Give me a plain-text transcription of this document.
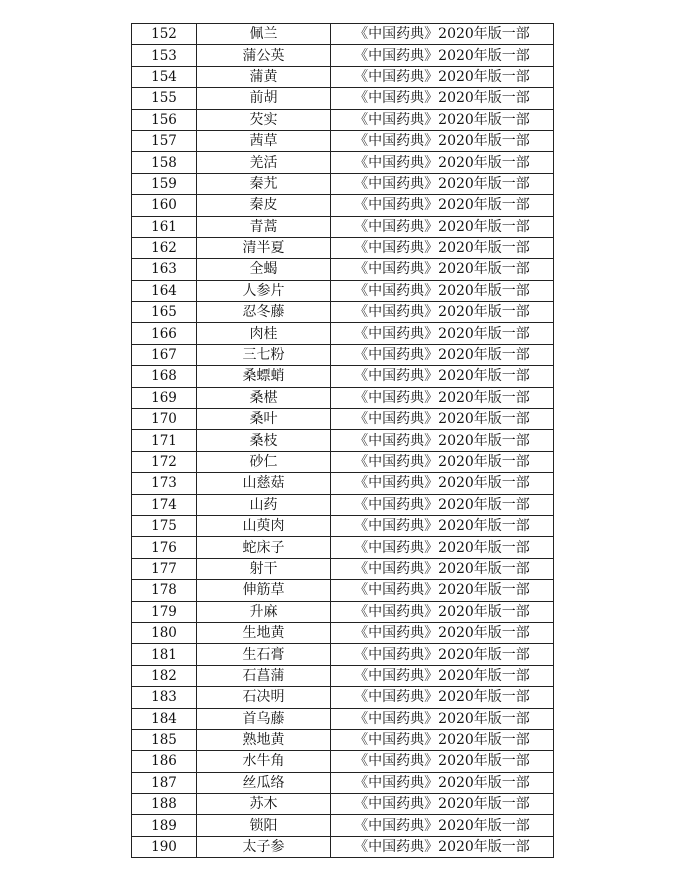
152	佩兰	《中国药典》2020年版一部
153	蒲公英	《中国药典》2020年版一部
154	蒲黄	《中国药典》2020年版一部
155	前胡	《中国药典》2020年版一部
156	芡实	《中国药典》2020年版一部
157	茜草	《中国药典》2020年版一部
158	羌活	《中国药典》2020年版一部
159	秦艽	《中国药典》2020年版一部
160	秦皮	《中国药典》2020年版一部
161	青蒿	《中国药典》2020年版一部
162	清半夏	《中国药典》2020年版一部
163	全蝎	《中国药典》2020年版一部
164	人参片	《中国药典》2020年版一部
165	忍冬藤	《中国药典》2020年版一部
166	肉桂	《中国药典》2020年版一部
167	三七粉	《中国药典》2020年版一部
168	桑螵蛸	《中国药典》2020年版一部
169	桑椹	《中国药典》2020年版一部
170	桑叶	《中国药典》2020年版一部
171	桑枝	《中国药典》2020年版一部
172	砂仁	《中国药典》2020年版一部
173	山慈菇	《中国药典》2020年版一部
174	山药	《中国药典》2020年版一部
175	山萸肉	《中国药典》2020年版一部
176	蛇床子	《中国药典》2020年版一部
177	射干	《中国药典》2020年版一部
178	伸筋草	《中国药典》2020年版一部
179	升麻	《中国药典》2020年版一部
180	生地黄	《中国药典》2020年版一部
181	生石膏	《中国药典》2020年版一部
182	石菖蒲	《中国药典》2020年版一部
183	石决明	《中国药典》2020年版一部
184	首乌藤	《中国药典》2020年版一部
185	熟地黄	《中国药典》2020年版一部
186	水牛角	《中国药典》2020年版一部
187	丝瓜络	《中国药典》2020年版一部
188	苏木	《中国药典》2020年版一部
189	锁阳	《中国药典》2020年版一部
190	太子参	《中国药典》2020年版一部
